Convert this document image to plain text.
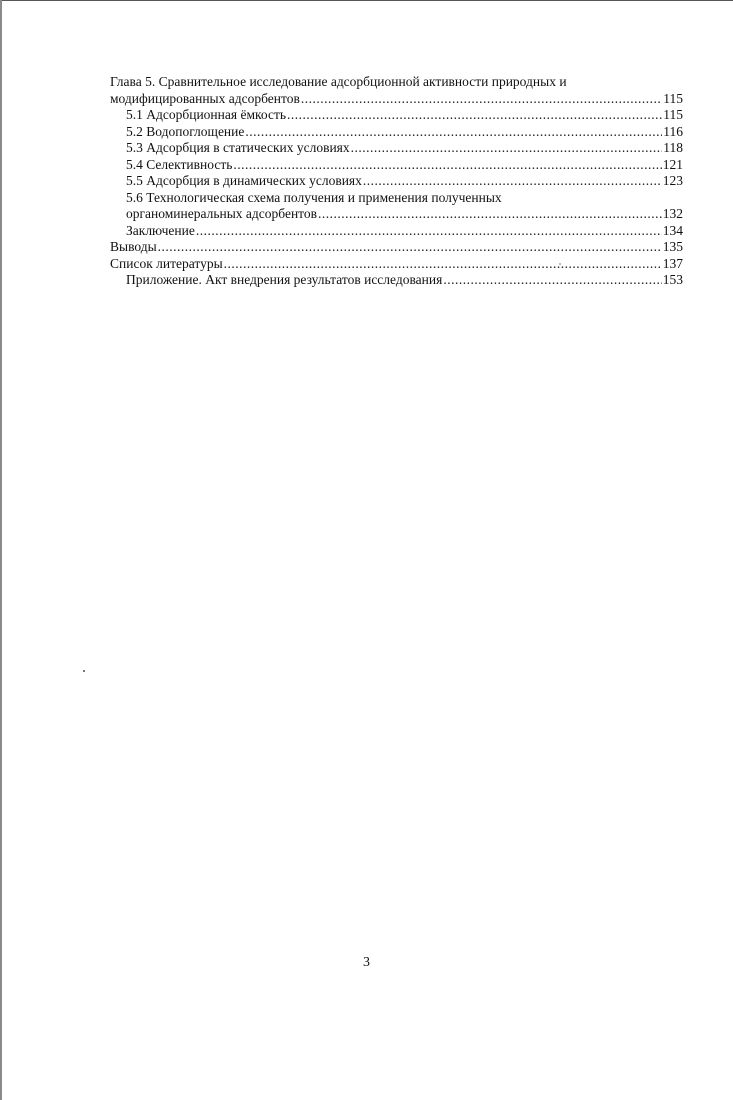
Глава 5. Сравнительное исследование адсорбционной активности природных и
модифицированных адсорбентов .....	115
5.1 Адсорбционная ёмкость .....	115
5.2 Водопоглощение .....	116
5.3 Адсорбция в статических условиях .....	118
5.4 Селективность .....	121
5.5 Адсорбция в динамических условиях .....	123
5.6 Технологическая схема получения и применения полученных
органоминеральных адсорбентов .....	132
Заключение .....	134
Выводы .....	135
Список литературы .....	137
Приложение. Акт внедрения результатов исследования .....	153
3
